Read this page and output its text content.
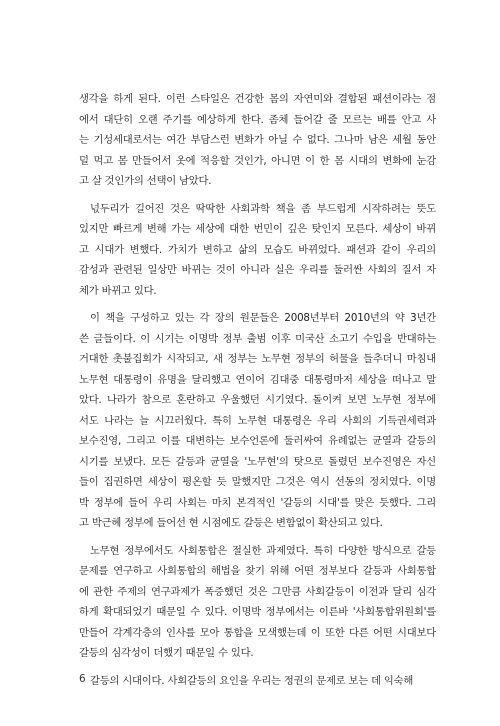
생각을 하게 된다. 이런 스타일은 건강한 몸의 자연미와 결합된 패션이라는 점
에서 대단히 오랜 주기를 예상하게 한다. 좀체 들어갈 줄 모르는 배를 안고 사
는 기성세대로서는 여간 부담스런 변화가 아닐 수 없다. 그나마 남은 세월 동안
덜 먹고 몸 만들어서 옷에 적응할 것인가, 아니면 이 한 몸 시대의 변화에 눈감
고 살 것인가의 선택이 남았다.
넋두리가 길어진 것은 딱딱한 사회과학 책을 좀 부드럽게 시작하려는 뜻도
있지만 빠르게 변해 가는 세상에 대한 번민이 깊은 탓인지 모른다. 세상이 바뀌
고 시대가 변했다. 가치가 변하고 삶의 모습도 바뀌었다. 패션과 같이 우리의
감성과 관련된 일상만 바뀌는 것이 아니라 실은 우리를 둘러싼 사회의 질서 자
체가 바뀌고 있다.
이 책을 구성하고 있는 각 장의 원문들은 2008년부터 2010년의 약 3년간
쓴 글들이다. 이 시기는 이명박 정부 출범 이후 미국산 소고기 수입을 반대하는
거대한 촛불집회가 시작되고, 새 정부는 노무현 정부의 허물을 들추더니 마침내
노무현 대통령이 유명을 달리했고 연이어 김대중 대통령마저 세상을 떠나고 말
았다. 나라가 참으로 혼란하고 우울했던 시기였다. 돌이켜 보면 노무현 정부에
서도 나라는 늘 시끄러웠다. 특히 노무현 대통령은 우리 사회의 기득권세력과
보수진영, 그리고 이를 대변하는 보수언론에 둘러싸여 유례없는 균열과 갈등의
시기를 보냈다. 모든 갈등과 균열을 '노무현'의 탓으로 돌렸던 보수진영은 자신
들이 집권하면 세상이 평온할 듯 말했지만 그것은 역시 선동의 정치였다. 이명
박 정부에 들어 우리 사회는 마치 본격적인 '갈등의 시대'를 맞은 듯했다. 그리
고 박근혜 정부에 들어선 현 시점에도 갈등은 변함없이 확산되고 있다.
노무현 정부에서도 사회통합은 절실한 과제였다. 특히 다양한 방식으로 갈등
문제를 연구하고 사회통합의 해법을 찾기 위해 어떤 정부보다 갈등과 사회통합
에 관한 주제의 연구과제가 폭증했던 것은 그만큼 사회갈등이 이전과 달리 심각
하게 확대되었기 때문일 수 있다. 이명박 정부에서는 이른바 '사회통합위원회'를
만들어 각계각층의 인사를 모아 통합을 모색했는데 이 또한 다른 어떤 시대보다
갈등의 심각성이 더했기 때문일 수 있다.
갈등의 시대이다. 사회갈등의 요인을 우리는 정권의 문제로 보는 데 익숙해
6
